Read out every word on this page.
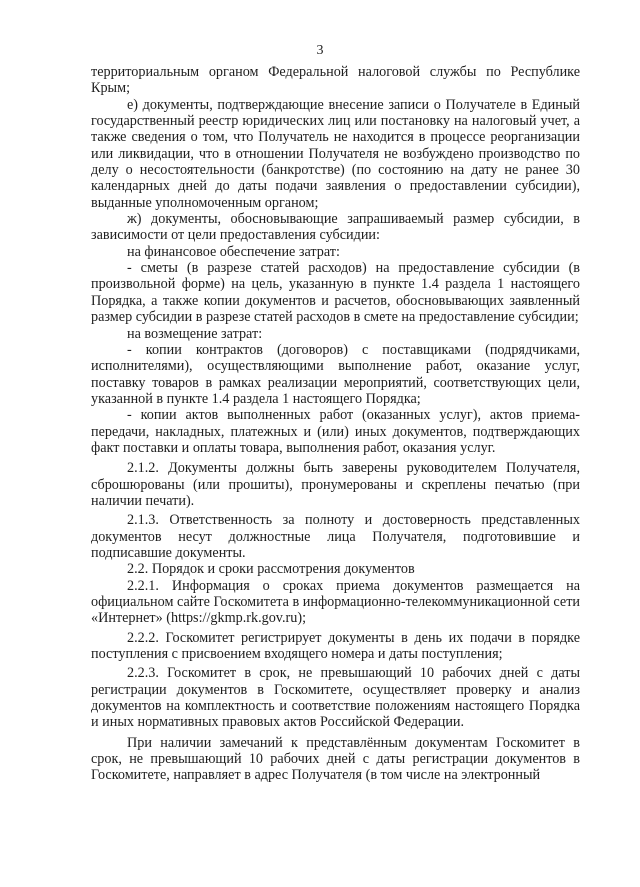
3

территориальным органом Федеральной налоговой службы по Республике Крым;

е) документы, подтверждающие внесение записи о Получателе в Единый государственный реестр юридических лиц или постановку на налоговый учет, а также сведения о том, что Получатель не находится в процессе реорганизации или ликвидации, что в отношении Получателя не возбуждено производство по делу о несостоятельности (банкротстве) (по состоянию на дату не ранее 30 календарных дней до даты подачи заявления о предоставлении субсидии), выданные уполномоченным органом;

ж) документы, обосновывающие запрашиваемый размер субсидии, в зависимости от цели предоставления субсидии:

на финансовое обеспечение затрат:

- сметы (в разрезе статей расходов) на предоставление субсидии (в произвольной форме) на цель, указанную в пункте 1.4 раздела 1 настоящего Порядка, а также копии документов и расчетов, обосновывающих заявленный размер субсидии в разрезе статей расходов в смете на предоставление субсидии;

на возмещение затрат:

- копии контрактов (договоров) с поставщиками (подрядчиками, исполнителями), осуществляющими выполнение работ, оказание услуг, поставку товаров в рамках реализации мероприятий, соответствующих цели, указанной в пункте 1.4 раздела 1 настоящего Порядка;

- копии актов выполненных работ (оказанных услуг), актов приема-передачи, накладных, платежных и (или) иных документов, подтверждающих факт поставки и оплаты товара, выполнения работ, оказания услуг.

2.1.2. Документы должны быть заверены руководителем Получателя, сброшюрованы (или прошиты), пронумерованы и скреплены печатью (при наличии печати).

2.1.3. Ответственность за полноту и достоверность представленных документов несут должностные лица Получателя, подготовившие и подписавшие документы.

2.2. Порядок и сроки рассмотрения документов

2.2.1. Информация о сроках приема документов размещается на официальном сайте Госкомитета в информационно-телекоммуникационной сети «Интернет» (https://gkmp.rk.gov.ru);

2.2.2. Госкомитет регистрирует документы в день их подачи в порядке поступления с присвоением входящего номера и даты поступления;

2.2.3. Госкомитет в срок, не превышающий 10 рабочих дней с даты регистрации документов в Госкомитете, осуществляет проверку и анализ документов на комплектность и соответствие положениям настоящего Порядка и иных нормативных правовых актов Российской Федерации.

При наличии замечаний к представлённым документам Госкомитет в срок, не превышающий 10 рабочих дней с даты регистрации документов в Госкомитете, направляет в адрес Получателя (в том числе на электронный
